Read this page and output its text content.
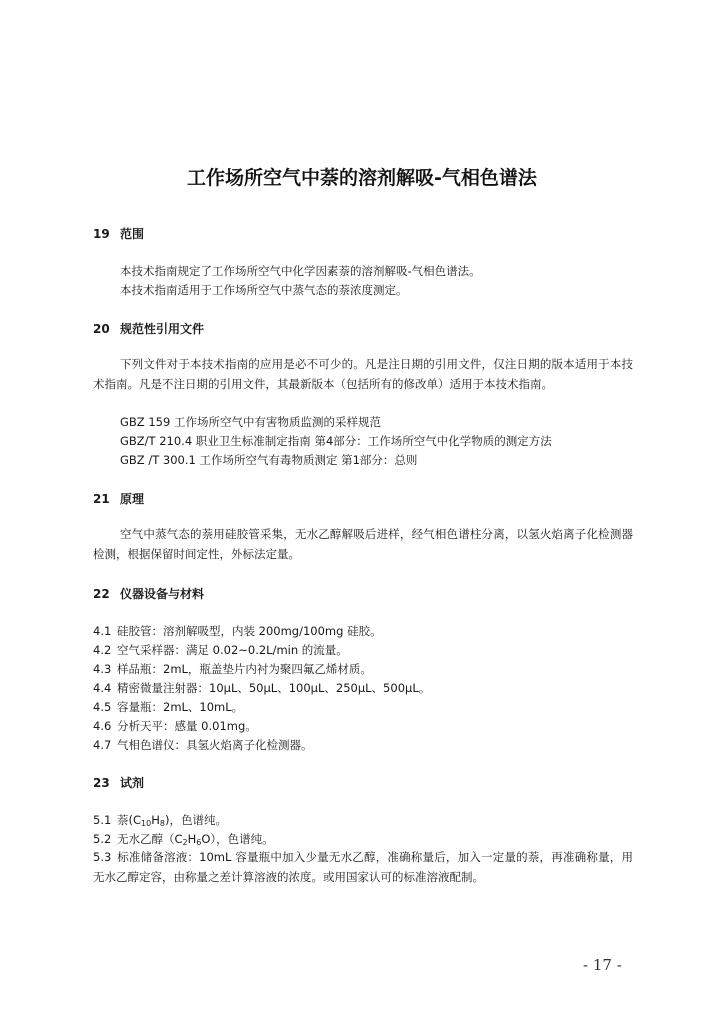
工作场所空气中萘的溶剂解吸-气相色谱法
19 范围
本技术指南规定了工作场所空气中化学因素萘的溶剂解吸-气相色谱法。
本技术指南适用于工作场所空气中蒸气态的萘浓度测定。
20 规范性引用文件
下列文件对于本技术指南的应用是必不可少的。凡是注日期的引用文件，仅注日期的版本适用于本技术指南。凡是不注日期的引用文件，其最新版本（包括所有的修改单）适用于本技术指南。
GBZ 159 工作场所空气中有害物质监测的采样规范
GBZ/T 210.4 职业卫生标准制定指南 第4部分：工作场所空气中化学物质的测定方法
GBZ /T 300.1 工作场所空气有毒物质测定 第1部分：总则
21 原理
空气中蒸气态的萘用硅胶管采集，无水乙醇解吸后进样，经气相色谱柱分离，以氢火焰离子化检测器检测，根据保留时间定性，外标法定量。
22 仪器设备与材料
4.1 硅胶管：溶剂解吸型，内装 200mg/100mg 硅胶。
4.2 空气采样器：满足 0.02~0.2L/min 的流量。
4.3 样品瓶：2mL，瓶盖垫片内衬为聚四氟乙烯材质。
4.4 精密微量注射器：10μL、50μL、100μL、250μL、500μL。
4.5 容量瓶：2mL、10mL。
4.6 分析天平：感量 0.01mg。
4.7 气相色谱仪：具氢火焰离子化检测器。
23 试剂
5.1 萘$(C_{10}H_8)$，色谱纯。
5.2 无水乙醇$(C_2H_6O)$，色谱纯。
5.3 标准储备溶液：10mL 容量瓶中加入少量无水乙醇，准确称量后，加入一定量的萘，再准确称量，用无水乙醇定容，由称量之差计算溶液的浓度。或用国家认可的标准溶液配制。
- 17 -
